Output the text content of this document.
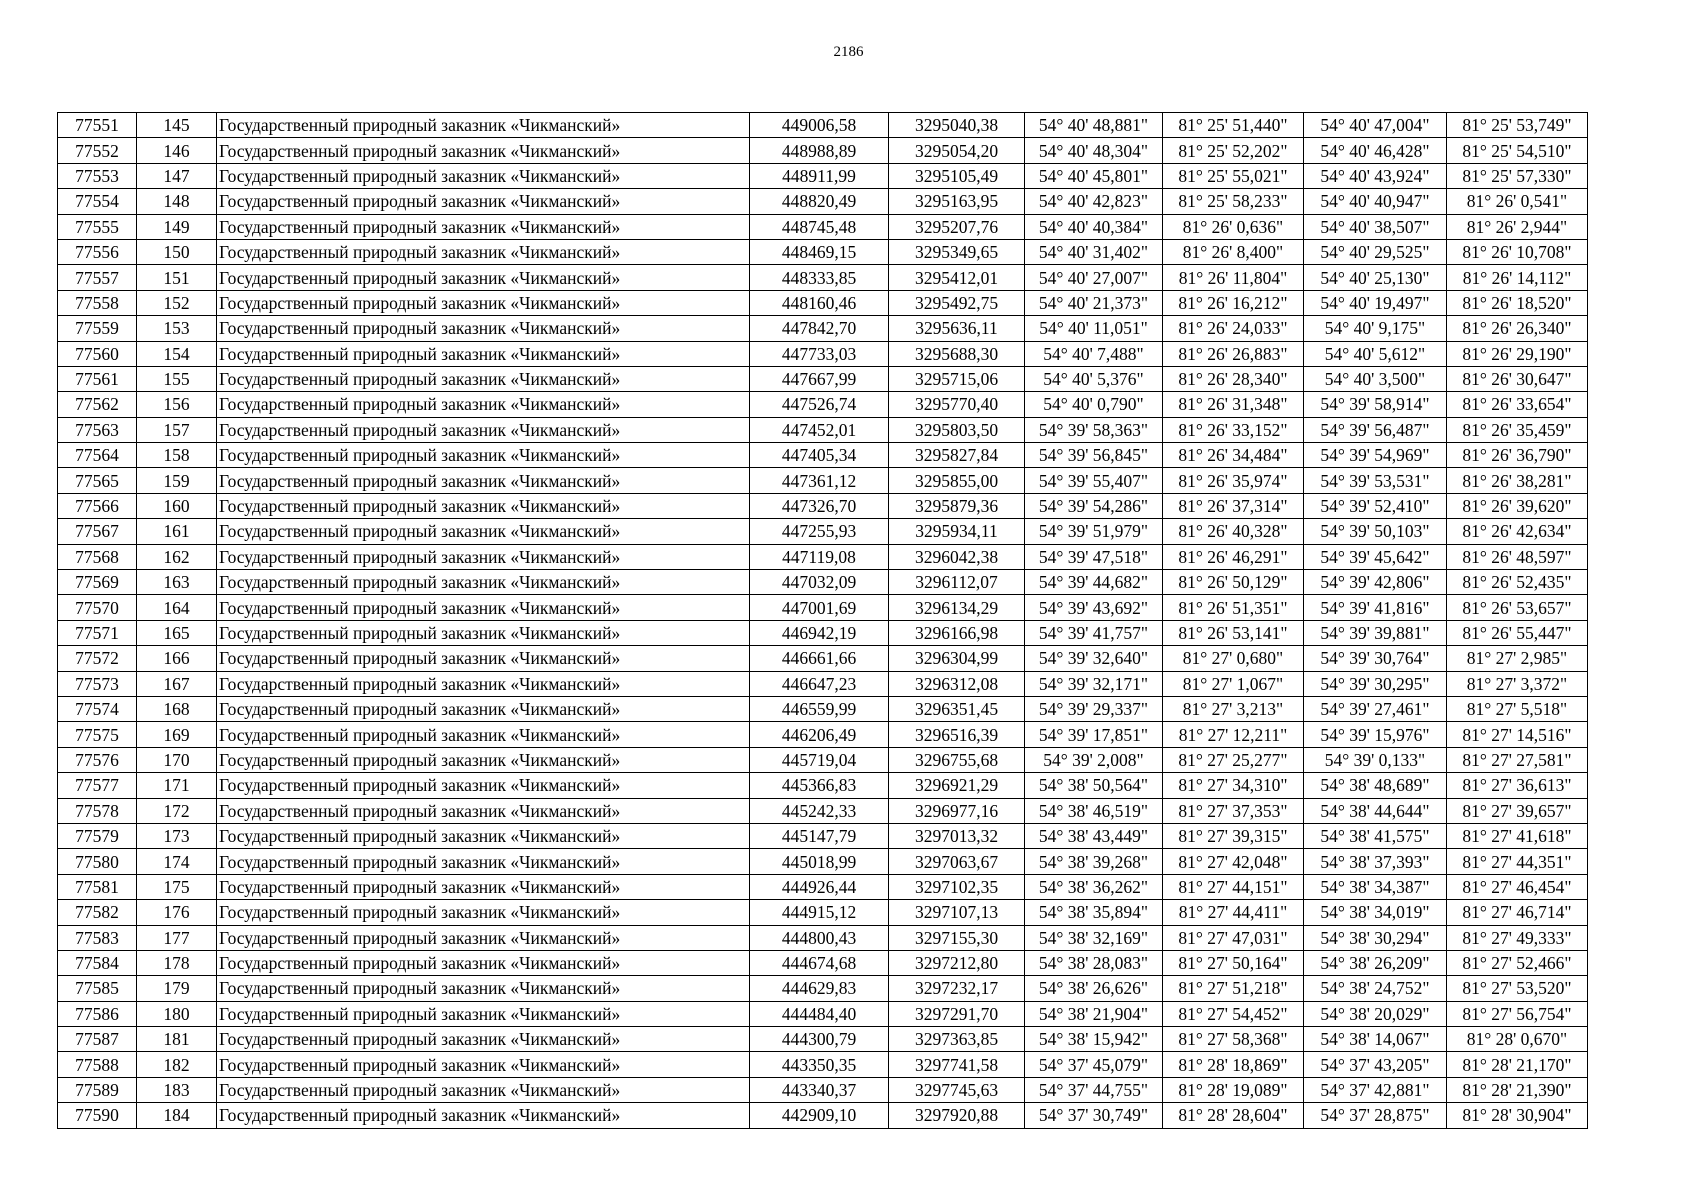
2186
77551	145	Государственный природный заказник «Чикманский»	449006,58	3295040,38	54° 40' 48,881"	81° 25' 51,440"	54° 40' 47,004"	81° 25' 53,749"
77552	146	Государственный природный заказник «Чикманский»	448988,89	3295054,20	54° 40' 48,304"	81° 25' 52,202"	54° 40' 46,428"	81° 25' 54,510"
77553	147	Государственный природный заказник «Чикманский»	448911,99	3295105,49	54° 40' 45,801"	81° 25' 55,021"	54° 40' 43,924"	81° 25' 57,330"
77554	148	Государственный природный заказник «Чикманский»	448820,49	3295163,95	54° 40' 42,823"	81° 25' 58,233"	54° 40' 40,947"	81° 26' 0,541"
77555	149	Государственный природный заказник «Чикманский»	448745,48	3295207,76	54° 40' 40,384"	81° 26' 0,636"	54° 40' 38,507"	81° 26' 2,944"
77556	150	Государственный природный заказник «Чикманский»	448469,15	3295349,65	54° 40' 31,402"	81° 26' 8,400"	54° 40' 29,525"	81° 26' 10,708"
77557	151	Государственный природный заказник «Чикманский»	448333,85	3295412,01	54° 40' 27,007"	81° 26' 11,804"	54° 40' 25,130"	81° 26' 14,112"
77558	152	Государственный природный заказник «Чикманский»	448160,46	3295492,75	54° 40' 21,373"	81° 26' 16,212"	54° 40' 19,497"	81° 26' 18,520"
77559	153	Государственный природный заказник «Чикманский»	447842,70	3295636,11	54° 40' 11,051"	81° 26' 24,033"	54° 40' 9,175"	81° 26' 26,340"
77560	154	Государственный природный заказник «Чикманский»	447733,03	3295688,30	54° 40' 7,488"	81° 26' 26,883"	54° 40' 5,612"	81° 26' 29,190"
77561	155	Государственный природный заказник «Чикманский»	447667,99	3295715,06	54° 40' 5,376"	81° 26' 28,340"	54° 40' 3,500"	81° 26' 30,647"
77562	156	Государственный природный заказник «Чикманский»	447526,74	3295770,40	54° 40' 0,790"	81° 26' 31,348"	54° 39' 58,914"	81° 26' 33,654"
77563	157	Государственный природный заказник «Чикманский»	447452,01	3295803,50	54° 39' 58,363"	81° 26' 33,152"	54° 39' 56,487"	81° 26' 35,459"
77564	158	Государственный природный заказник «Чикманский»	447405,34	3295827,84	54° 39' 56,845"	81° 26' 34,484"	54° 39' 54,969"	81° 26' 36,790"
77565	159	Государственный природный заказник «Чикманский»	447361,12	3295855,00	54° 39' 55,407"	81° 26' 35,974"	54° 39' 53,531"	81° 26' 38,281"
77566	160	Государственный природный заказник «Чикманский»	447326,70	3295879,36	54° 39' 54,286"	81° 26' 37,314"	54° 39' 52,410"	81° 26' 39,620"
77567	161	Государственный природный заказник «Чикманский»	447255,93	3295934,11	54° 39' 51,979"	81° 26' 40,328"	54° 39' 50,103"	81° 26' 42,634"
77568	162	Государственный природный заказник «Чикманский»	447119,08	3296042,38	54° 39' 47,518"	81° 26' 46,291"	54° 39' 45,642"	81° 26' 48,597"
77569	163	Государственный природный заказник «Чикманский»	447032,09	3296112,07	54° 39' 44,682"	81° 26' 50,129"	54° 39' 42,806"	81° 26' 52,435"
77570	164	Государственный природный заказник «Чикманский»	447001,69	3296134,29	54° 39' 43,692"	81° 26' 51,351"	54° 39' 41,816"	81° 26' 53,657"
77571	165	Государственный природный заказник «Чикманский»	446942,19	3296166,98	54° 39' 41,757"	81° 26' 53,141"	54° 39' 39,881"	81° 26' 55,447"
77572	166	Государственный природный заказник «Чикманский»	446661,66	3296304,99	54° 39' 32,640"	81° 27' 0,680"	54° 39' 30,764"	81° 27' 2,985"
77573	167	Государственный природный заказник «Чикманский»	446647,23	3296312,08	54° 39' 32,171"	81° 27' 1,067"	54° 39' 30,295"	81° 27' 3,372"
77574	168	Государственный природный заказник «Чикманский»	446559,99	3296351,45	54° 39' 29,337"	81° 27' 3,213"	54° 39' 27,461"	81° 27' 5,518"
77575	169	Государственный природный заказник «Чикманский»	446206,49	3296516,39	54° 39' 17,851"	81° 27' 12,211"	54° 39' 15,976"	81° 27' 14,516"
77576	170	Государственный природный заказник «Чикманский»	445719,04	3296755,68	54° 39' 2,008"	81° 27' 25,277"	54° 39' 0,133"	81° 27' 27,581"
77577	171	Государственный природный заказник «Чикманский»	445366,83	3296921,29	54° 38' 50,564"	81° 27' 34,310"	54° 38' 48,689"	81° 27' 36,613"
77578	172	Государственный природный заказник «Чикманский»	445242,33	3296977,16	54° 38' 46,519"	81° 27' 37,353"	54° 38' 44,644"	81° 27' 39,657"
77579	173	Государственный природный заказник «Чикманский»	445147,79	3297013,32	54° 38' 43,449"	81° 27' 39,315"	54° 38' 41,575"	81° 27' 41,618"
77580	174	Государственный природный заказник «Чикманский»	445018,99	3297063,67	54° 38' 39,268"	81° 27' 42,048"	54° 38' 37,393"	81° 27' 44,351"
77581	175	Государственный природный заказник «Чикманский»	444926,44	3297102,35	54° 38' 36,262"	81° 27' 44,151"	54° 38' 34,387"	81° 27' 46,454"
77582	176	Государственный природный заказник «Чикманский»	444915,12	3297107,13	54° 38' 35,894"	81° 27' 44,411"	54° 38' 34,019"	81° 27' 46,714"
77583	177	Государственный природный заказник «Чикманский»	444800,43	3297155,30	54° 38' 32,169"	81° 27' 47,031"	54° 38' 30,294"	81° 27' 49,333"
77584	178	Государственный природный заказник «Чикманский»	444674,68	3297212,80	54° 38' 28,083"	81° 27' 50,164"	54° 38' 26,209"	81° 27' 52,466"
77585	179	Государственный природный заказник «Чикманский»	444629,83	3297232,17	54° 38' 26,626"	81° 27' 51,218"	54° 38' 24,752"	81° 27' 53,520"
77586	180	Государственный природный заказник «Чикманский»	444484,40	3297291,70	54° 38' 21,904"	81° 27' 54,452"	54° 38' 20,029"	81° 27' 56,754"
77587	181	Государственный природный заказник «Чикманский»	444300,79	3297363,85	54° 38' 15,942"	81° 27' 58,368"	54° 38' 14,067"	81° 28' 0,670"
77588	182	Государственный природный заказник «Чикманский»	443350,35	3297741,58	54° 37' 45,079"	81° 28' 18,869"	54° 37' 43,205"	81° 28' 21,170"
77589	183	Государственный природный заказник «Чикманский»	443340,37	3297745,63	54° 37' 44,755"	81° 28' 19,089"	54° 37' 42,881"	81° 28' 21,390"
77590	184	Государственный природный заказник «Чикманский»	442909,10	3297920,88	54° 37' 30,749"	81° 28' 28,604"	54° 37' 28,875"	81° 28' 30,904"
